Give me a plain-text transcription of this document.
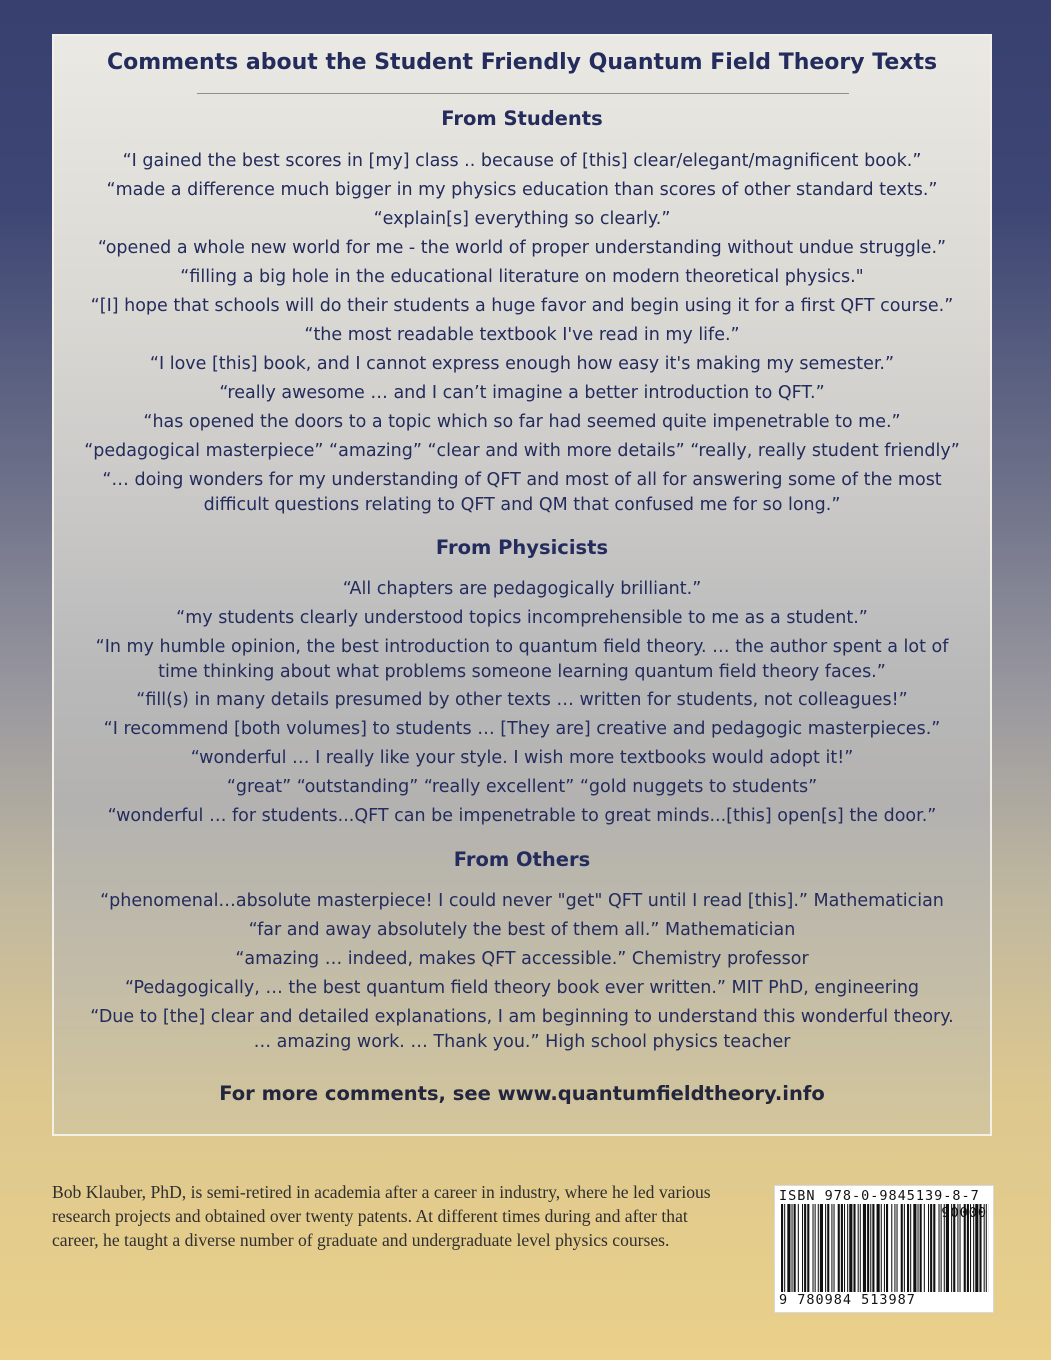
Comments about the Student Friendly Quantum Field Theory Texts
From Students
“I gained the best scores in [my] class .. because of [this] clear/elegant/magnificent book.”
“made a difference much bigger in my physics education than scores of other standard texts.”
“explain[s] everything so clearly.”
“opened a whole new world for me - the world of proper understanding without undue struggle.”
“filling a big hole in the educational literature on modern theoretical physics."
“[I] hope that schools will do their students a huge favor and begin using it for a first QFT course.”
“the most readable textbook I've read in my life.”
“I love [this] book, and I cannot express enough how easy it's making my semester.”
“really awesome … and I can’t imagine a better introduction to QFT.”
“has opened the doors to a topic which so far had seemed quite impenetrable to me.”
“pedagogical masterpiece” “amazing” “clear and with more details” “really, really student friendly”
“… doing wonders for my understanding of QFT and most of all for answering some of the most difficult questions relating to QFT and QM that confused me for so long.”
From Physicists
“All chapters are pedagogically brilliant.”
“my students clearly understood topics incomprehensible to me as a student.”
“In my humble opinion, the best introduction to quantum field theory. … the author spent a lot of time thinking about what problems someone learning quantum field theory faces.”
“fill(s) in many details presumed by other texts … written for students, not colleagues!”
“I recommend [both volumes] to students … [They are] creative and pedagogic masterpieces.”
“wonderful … I really like your style. I wish more textbooks would adopt it!”
“great” “outstanding” “really excellent” “gold nuggets to students”
“wonderful … for students...QFT can be impenetrable to great minds...[this] open[s] the door.”
From Others
“phenomenal…absolute masterpiece! I could never "get" QFT until I read [this].” Mathematician
“far and away absolutely the best of them all.” Mathematician
“amazing … indeed, makes QFT accessible.” Chemistry professor
“Pedagogically, … the best quantum field theory book ever written.” MIT PhD, engineering
“Due to [the] clear and detailed explanations, I am beginning to understand this wonderful theory. … amazing work. … Thank you.” High school physics teacher

For more comments, see www.quantumfieldtheory.info

Bob Klauber, PhD, is semi-retired in academia after a career in industry, where he led various research projects and obtained over twenty patents. At different times during and after that career, he taught a diverse number of graduate and undergraduate level physics courses.

ISBN 978-0-9845139-8-7
90000
9 780984 513987
